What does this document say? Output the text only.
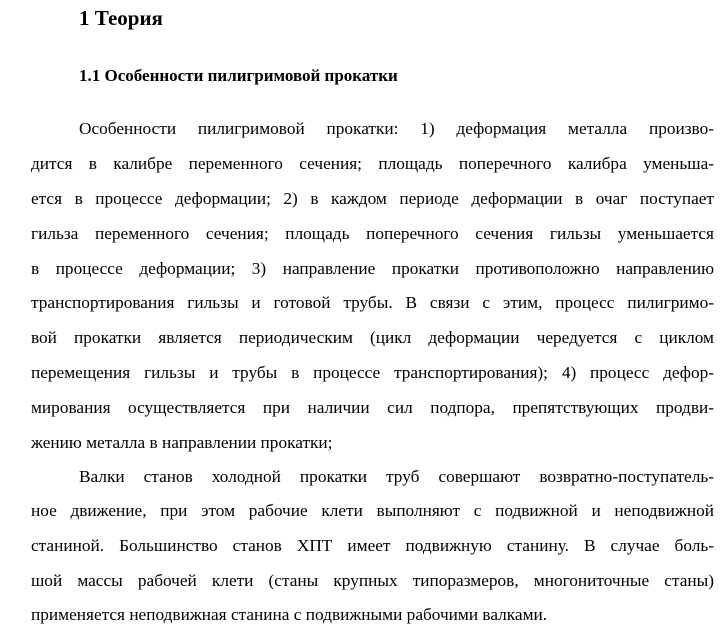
1 Теория
1.1 Особенности пилигримовой прокатки
Особенности пилигримовой прокатки: 1) деформация металла произво-
дится в калибре переменного сечения; площадь поперечного калибра уменьша-
ется в процессе деформации; 2) в каждом периоде деформации в очаг поступает
гильза переменного сечения; площадь поперечного сечения гильзы уменьшается
в процессе деформации; 3) направление прокатки противоположно направлению
транспортирования гильзы и готовой трубы. В связи с этим, процесс пилигримо-
вой прокатки является периодическим (цикл деформации чередуется с циклом
перемещения гильзы и трубы в процессе транспортирования); 4) процесс дефор-
мирования осуществляется при наличии сил подпора, препятствующих продви-
жению металла в направлении прокатки;
Валки станов холодной прокатки труб совершают возвратно-поступатель-
ное движение, при этом рабочие клети выполняют с подвижной и неподвижной
станиной. Большинство станов ХПТ имеет подвижную станину. В случае боль-
шой массы рабочей клети (станы крупных типоразмеров, многониточные станы)
применяется неподвижная станина с подвижными рабочими валками.
